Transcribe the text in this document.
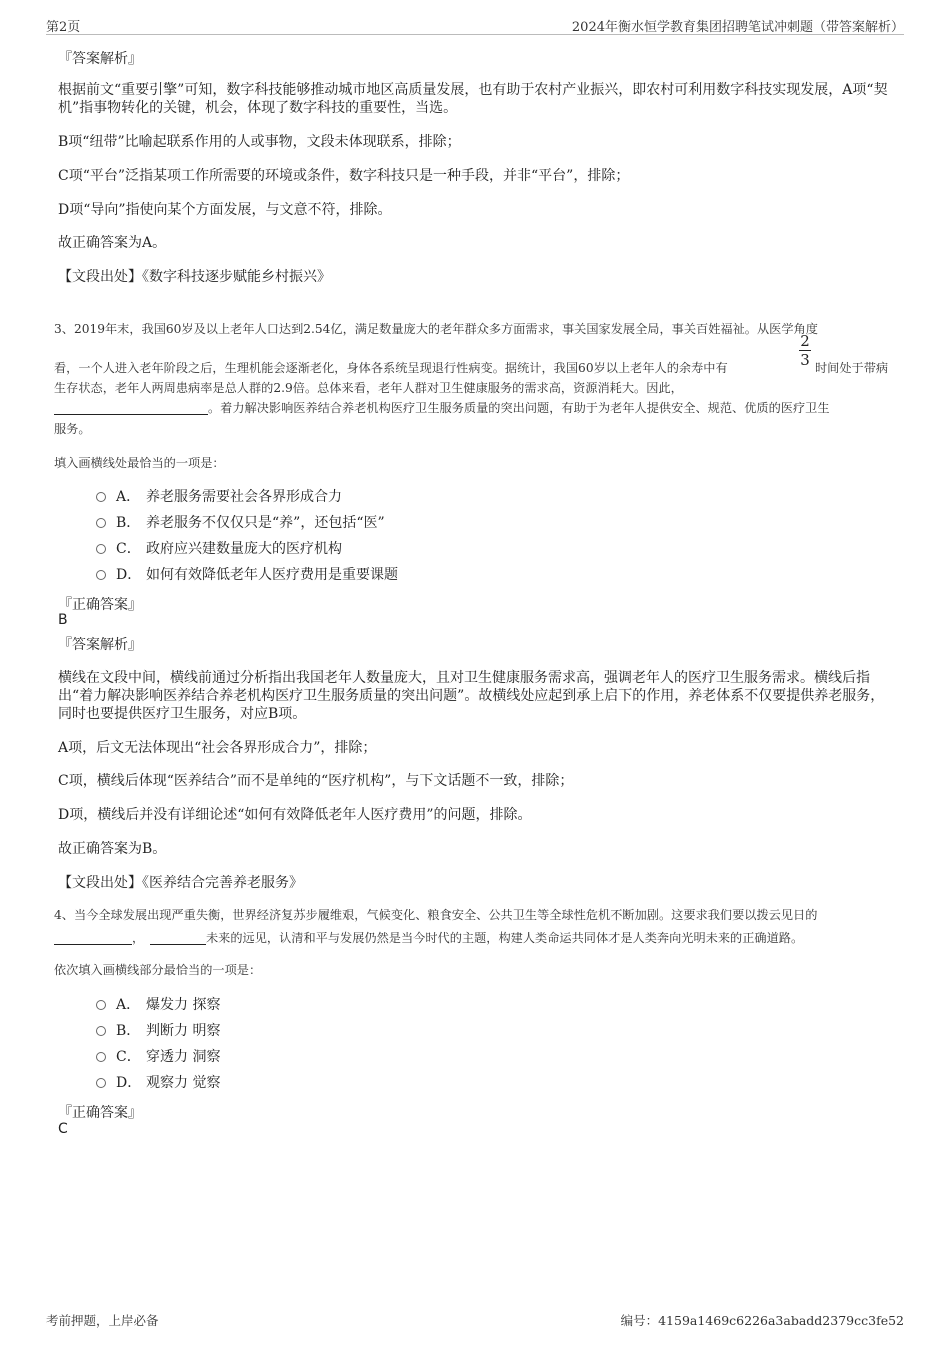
第2页	2024年衡水恒学教育集团招聘笔试冲刺题（带答案解析）
『答案解析』
根据前文“重要引擎”可知，数字科技能够推动城市地区高质量发展，也有助于农村产业振兴，即农村可利用数字科技实现发展，A项“契机”指事物转化的关键，机会，体现了数字科技的重要性，当选。
B项“纽带”比喻起联系作用的人或事物，文段未体现联系，排除；
C项“平台”泛指某项工作所需要的环境或条件，数字科技只是一种手段，并非“平台”，排除；
D项“导向”指使向某个方面发展，与文意不符，排除。
故正确答案为A。
【文段出处】《数字科技逐步赋能乡村振兴》
3、2019年末，我国60岁及以上老年人口达到2.54亿，满足数量庞大的老年群众多方面需求，事关国家发展全局，事关百姓福祉。从医学角度
看，一个人进入老年阶段之后，生理机能会逐渐老化，身体各系统呈现退行性病变。据统计，我国60岁以上老年人的余寿中有
2
3 时间处于带病
生存状态，老年人两周患病率是总人群的2.9倍。总体来看，老年人群对卫生健康服务的需求高，资源消耗大。因此，
。着力解决影响医养结合养老机构医疗卫生服务质量的突出问题，有助于为老年人提供安全、规范、优质的医疗卫生
服务。
填入画横线处最恰当的一项是：
A． 养老服务需要社会各界形成合力
B． 养老服务不仅仅只是“养”，还包括“医”
C． 政府应兴建数量庞大的医疗机构
D． 如何有效降低老年人医疗费用是重要课题
『正确答案』
B
『答案解析』
横线在文段中间，横线前通过分析指出我国老年人数量庞大，且对卫生健康服务需求高，强调老年人的医疗卫生服务需求。横线后指出“着力解决影响医养结合养老机构医疗卫生服务质量的突出问题”。故横线处应起到承上启下的作用，养老体系不仅要提供养老服务，同时也要提供医疗卫生服务，对应B项。
A项，后文无法体现出“社会各界形成合力”，排除；
C项，横线后体现“医养结合”而不是单纯的“医疗机构”，与下文话题不一致，排除；
D项，横线后并没有详细论述“如何有效降低老年人医疗费用”的问题，排除。
故正确答案为B。
【文段出处】《医养结合完善养老服务》
4、当今全球发展出现严重失衡，世界经济复苏步履维艰，气候变化、粮食安全、公共卫生等全球性危机不断加剧。这要求我们要以拨云见日的
，	未来的远见，认清和平与发展仍然是当今时代的主题，构建人类命运共同体才是人类奔向光明未来的正确道路。
依次填入画横线部分最恰当的一项是：
A． 爆发力 探察
B． 判断力 明察
C． 穿透力 洞察
D． 观察力 觉察
『正确答案』
C
考前押题，上岸必备	编号：4159a1469c6226a3abadd2379cc3fe52
